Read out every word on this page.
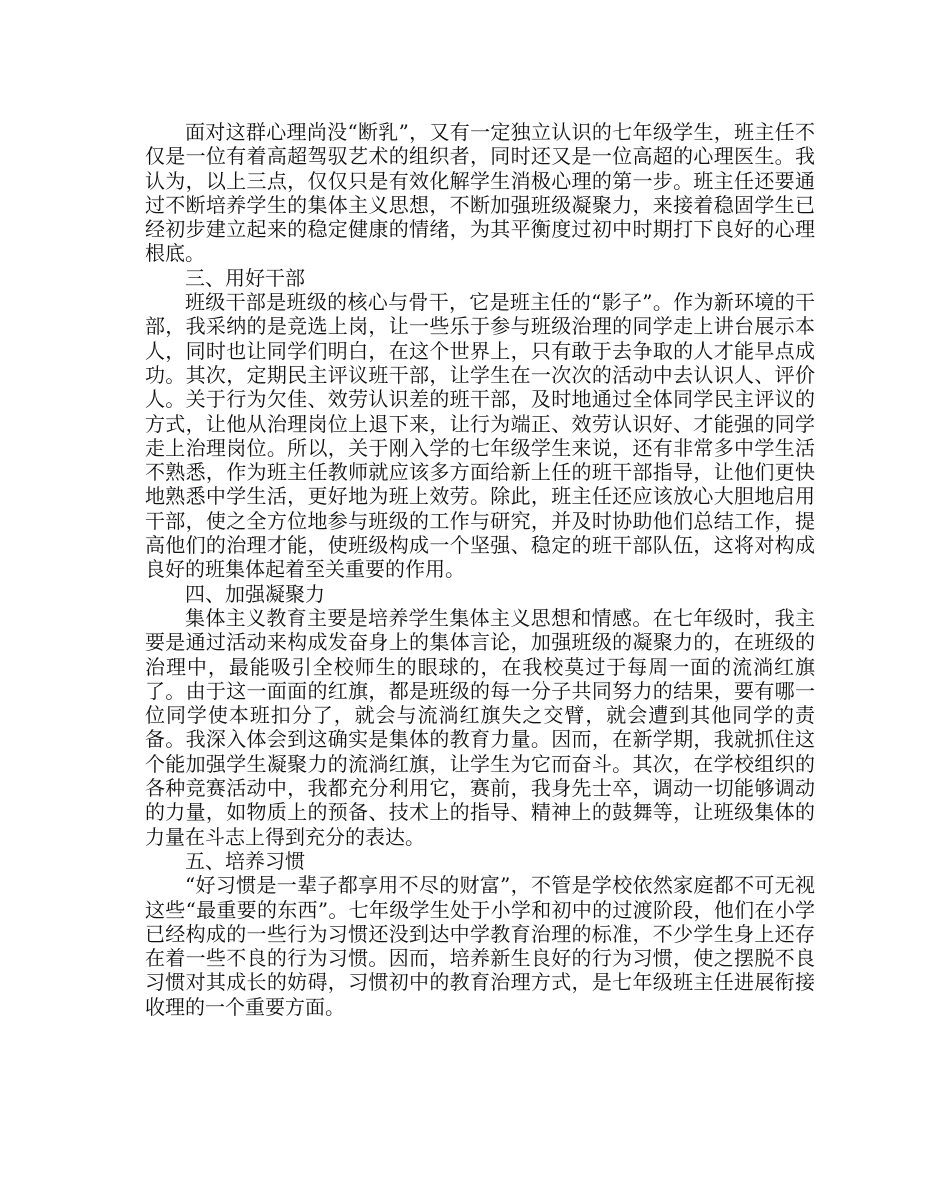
面对这群心理尚没“断乳”，又有一定独立认识的七年级学生，班主任不仅是一位有着高超驾驭艺术的组织者，同时还又是一位高超的心理医生。我认为，以上三点，仅仅只是有效化解学生消极心理的第一步。班主任还要通过不断培养学生的集体主义思想，不断加强班级凝聚力，来接着稳固学生已经初步建立起来的稳定健康的情绪，为其平衡度过初中时期打下良好的心理根底。

三、用好干部

班级干部是班级的核心与骨干，它是班主任的“影子”。作为新环境的干部，我采纳的是竞选上岗，让一些乐于参与班级治理的同学走上讲台展示本人，同时也让同学们明白，在这个世界上，只有敢于去争取的人才能早点成功。其次，定期民主评议班干部，让学生在一次次的活动中去认识人、评价人。关于行为欠佳、效劳认识差的班干部，及时地通过全体同学民主评议的方式，让他从治理岗位上退下来，让行为端正、效劳认识好、才能强的同学走上治理岗位。所以，关于刚入学的七年级学生来说，还有非常多中学生活不熟悉，作为班主任教师就应该多方面给新上任的班干部指导，让他们更快地熟悉中学生活，更好地为班上效劳。除此，班主任还应该放心大胆地启用干部，使之全方位地参与班级的工作与研究，并及时协助他们总结工作，提高他们的治理才能，使班级构成一个坚强、稳定的班干部队伍，这将对构成良好的班集体起着至关重要的作用。

四、加强凝聚力

集体主义教育主要是培养学生集体主义思想和情感。在七年级时，我主要是通过活动来构成发奋身上的集体言论，加强班级的凝聚力的，在班级的治理中，最能吸引全校师生的眼球的，在我校莫过于每周一面的流淌红旗了。由于这一面面的红旗，都是班级的每一分子共同努力的结果，要有哪一位同学使本班扣分了，就会与流淌红旗失之交臂，就会遭到其他同学的责备。我深入体会到这确实是集体的教育力量。因而，在新学期，我就抓住这个能加强学生凝聚力的流淌红旗，让学生为它而奋斗。其次，在学校组织的各种竞赛活动中，我都充分利用它，赛前，我身先士卒，调动一切能够调动的力量，如物质上的预备、技术上的指导、精神上的鼓舞等，让班级集体的力量在斗志上得到充分的表达。

五、培养习惯

“好习惯是一辈子都享用不尽的财富”，不管是学校依然家庭都不可无视这些“最重要的东西”。七年级学生处于小学和初中的过渡阶段，他们在小学已经构成的一些行为习惯还没到达中学教育治理的标准，不少学生身上还存在着一些不良的行为习惯。因而，培养新生良好的行为习惯，使之摆脱不良习惯对其成长的妨碍，习惯初中的教育治理方式，是七年级班主任进展衔接收理的一个重要方面。
